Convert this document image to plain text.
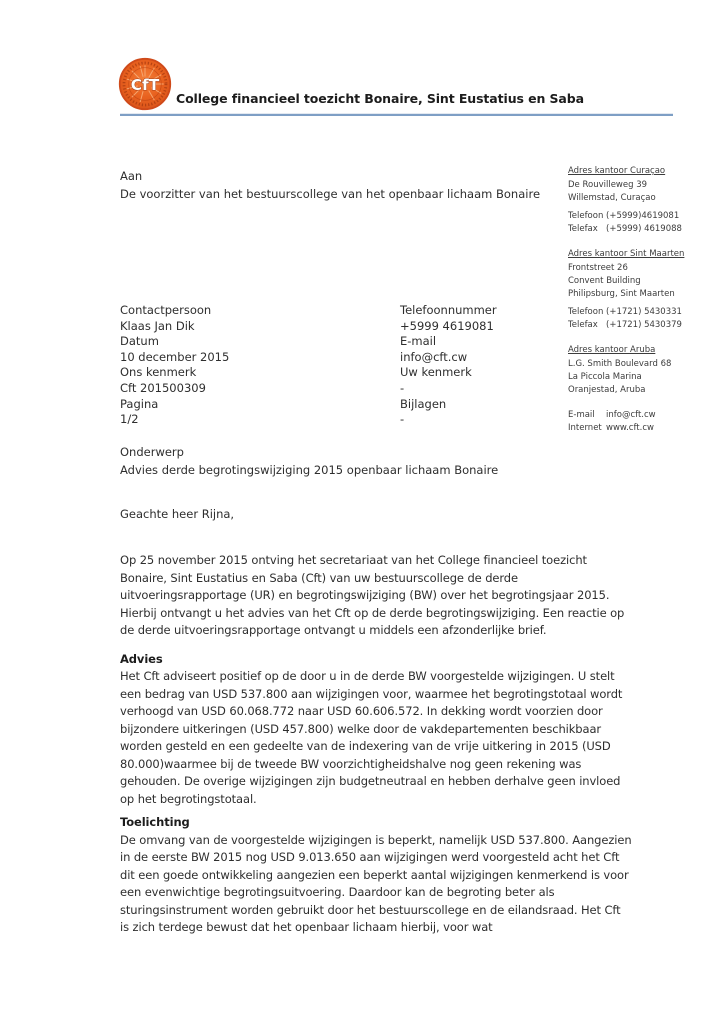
CfT
College financieel toezicht Bonaire, Sint Eustatius en Saba
Aan
De voorzitter van het bestuurscollege van het openbaar lichaam Bonaire
Adres kantoor Curaçao
De Rouvilleweg 39
Willemstad, Curaçao
Telefoon (+5999)4619081
Telefax (+5999) 4619088
Adres kantoor Sint Maarten
Frontstreet 26
Convent Building
Philipsburg, Sint Maarten
Telefoon (+1721) 5430331
Telefax (+1721) 5430379
Adres kantoor Aruba
L.G. Smith Boulevard 68
La Piccola Marina
Oranjestad, Aruba
E-mail	info@cft.cw
Internet www.cft.cw
Contactpersoon
Klaas Jan Dik
Datum
10 december 2015
Ons kenmerk
Cft 201500309
Pagina
1/2
Telefoonnummer
+5999 4619081
E-mail
info@cft.cw
Uw kenmerk
-
Bijlagen
-
Onderwerp
Advies derde begrotingswijziging 2015 openbaar lichaam Bonaire
Geachte heer Rijna,

Op 25 november 2015 ontving het secretariaat van het College financieel toezicht Bonaire, Sint Eustatius en Saba (Cft) van uw bestuurscollege de derde uitvoeringsrapportage (UR) en begrotingswijziging (BW) over het begrotingsjaar 2015. Hierbij ontvangt u het advies van het Cft op de derde begrotingswijziging. Een reactie op de derde uitvoeringsrapportage ontvangt u middels een afzonderlijke brief.

Advies

Het Cft adviseert positief op de door u in de derde BW voorgestelde wijzigingen. U stelt een bedrag van USD 537.800 aan wijzigingen voor, waarmee het begrotingstotaal wordt verhoogd van USD 60.068.772 naar USD 60.606.572. In dekking wordt voorzien door bijzondere uitkeringen (USD 457.800) welke door de vakdepartementen beschikbaar worden gesteld en een gedeelte van de indexering van de vrije uitkering in 2015 (USD 80.000)waarmee bij de tweede BW voorzichtigheidshalve nog geen rekening was gehouden. De overige wijzigingen zijn budgetneutraal en hebben derhalve geen invloed op het begrotingstotaal.

Toelichting

De omvang van de voorgestelde wijzigingen is beperkt, namelijk USD 537.800. Aangezien in de eerste BW 2015 nog USD 9.013.650 aan wijzigingen werd voorgesteld acht het Cft dit een goede ontwikkeling aangezien een beperkt aantal wijzigingen kenmerkend is voor een evenwichtige begrotingsuitvoering. Daardoor kan de begroting beter als sturingsinstrument worden gebruikt door het bestuurscollege en de eilandsraad. Het Cft is zich terdege bewust dat het openbaar lichaam hierbij, voor wat
